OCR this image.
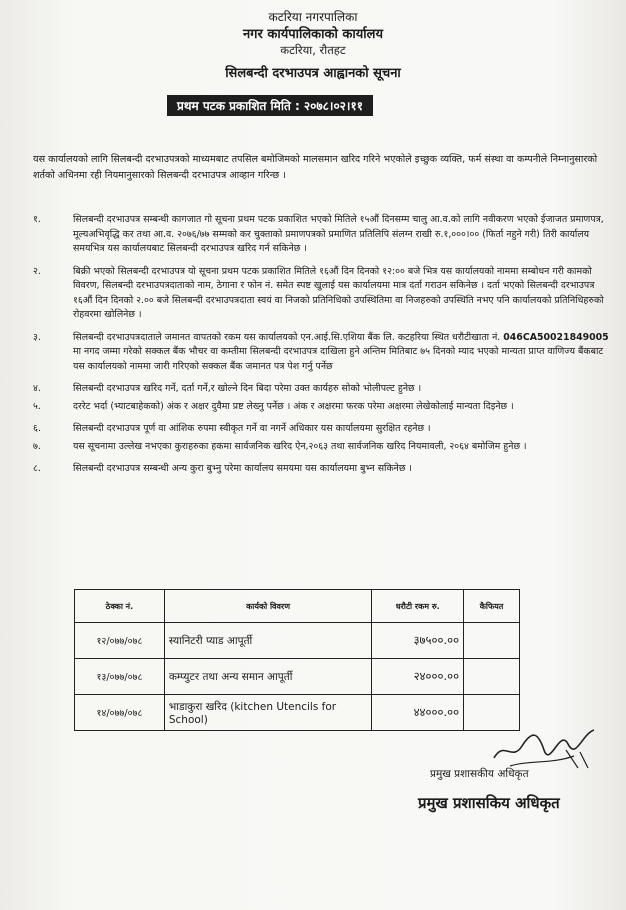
कटरिया नगरपालिका
नगर कार्यपालिकाको कार्यालय
कटरिया, रौतहट
सिलबन्दी दरभाउपत्र आह्वानको सूचना
प्रथम पटक प्रकाशित मिति : २०७८।०२।११
यस कार्यालयको लागि सिलबन्दी दरभाउपत्रको माध्यमबाट तपसिल बमोजिमको मालसमान खरिद गरिने भएकोले इच्छुक व्यक्ति, फर्म संस्था वा कम्पनीले निम्नानुसारको शर्तको अधिनमा रही नियमानुसारको सिलबन्दी दरभाउपत्र आव्हान गरिन्छ ।
१.	सिलबन्दी दरभाउपत्र सम्बन्धी कागजात गो सूचना प्रथम पटक प्रकाशित भएको मितिले १५औं दिनसम्म चालु आ.व.को लागि नवीकरण भएको ईजाजत प्रमाणपत्र, मूल्यअभिवृद्धि कर तथा आ.व. २०७६/७७ सम्मको कर चुक्ताको प्रमाणपत्रको प्रमाणित प्रतिलिपि संलग्न राखी रु.१,०००।०० (फिर्ता नहुने गरी) तिरी कार्यालय समयभित्र यस कार्यालयबाट सिलबन्दी दरभाउपत्र खरिद गर्न सकिनेछ ।
२.	बिक्री भएको सिलबन्दी दरभाउपत्र यो सूचना प्रथम पटक प्रकाशित मितिले १६औं दिन दिनको १२:०० बजे भित्र यस कार्यालयको नाममा सम्बोधन गरी कामको विवरण, सिलबन्दी दरभाउपत्रदाताको नाम, ठेगाना र फोन नं. समेत स्पष्ट खुलाई यस कार्यालयमा मात्र दर्ता गराउन सकिनेछ । दर्ता भएको सिलबन्दी दरभाउपत्र १६औं दिन दिनको २.०० बजे सिलबन्दी दरभाउपत्रदाता स्वयं वा निजको प्रतिनिधिको उपस्थितिमा वा निजहरुको उपस्थिति नभए पनि कार्यालयको प्रतिनिधिहरुको रोहवरमा खोलिनेछ ।
३.	सिलबन्दी दरभाउपत्रदाताले जमानत वापतको रकम यस कार्यालयको एन.आई.सि.एशिया बैंक लि. कटहरिया स्थित धरौटीखाता नं. 046CA50021849005 मा नगद जम्मा गरेको सक्कल बैंक भौचर वा कम्तीमा सिलबन्दी दरभाउपत्र दाखिला हुने अन्तिम मितिबाट ७५ दिनको म्याद भएको मान्यता प्राप्त वाणिज्य बैंकबाट यस कार्यालयको नाममा जारी गरिएको सक्कल बैंक जमानत पत्र पेश गर्नु पर्नेछ
४.	सिलबन्दी दरभाउपत्र खरिद गर्ने, दर्ता गर्ने,र खोल्ने दिन बिदा परेमा उक्त कार्यहरु सोको भोलीपल्ट हुनेछ ।
५.	दररेट भर्दा (भ्याटबाहेकको) अंक र अक्षर दुवैमा प्रष्ट लेख्नु पर्नेछ । अंक र अक्षरमा फरक परेमा अक्षरमा लेखेकोलाई मान्यता दिइनेछ ।
६.	सिलबन्दी दरभाउपत्र पूर्ण वा आंशिक रुपमा स्वीकृत गर्ने वा नगर्ने अधिकार यस कार्यालयमा सुरक्षित रहनेछ ।
७.	यस सूचनामा उल्लेख नभएका कुराहरुका हकमा सार्वजनिक खरिद ऐन,२०६३ तथा सार्वजनिक खरिद नियमावली, २०६४ बमोजिम हुनेछ ।
८.	सिलबन्दी दरभाउपत्र सम्बन्धी अन्य कुरा बुभ्नु परेमा कार्यालय समयमा यस कार्यालयमा बुभ्न सकिनेछ ।
ठेक्का नं.	कार्यको विवरण	धरौटी रकम रु.	कैफियत
१२/०७७/०७८	स्यानिटरी प्याड आपूर्ती	३७५००.००	
१३/०७७/०७८	कम्प्युटर तथा अन्य समान आपूर्ती	२४०००.००	
१४/०७७/०७८	भाडाकुरा खरिद (kitchen Utencils for School)	४४०००.००	
प्रमुख प्रशासकीय अधिकृत
प्रमुख प्रशासकिय अधिकृत
